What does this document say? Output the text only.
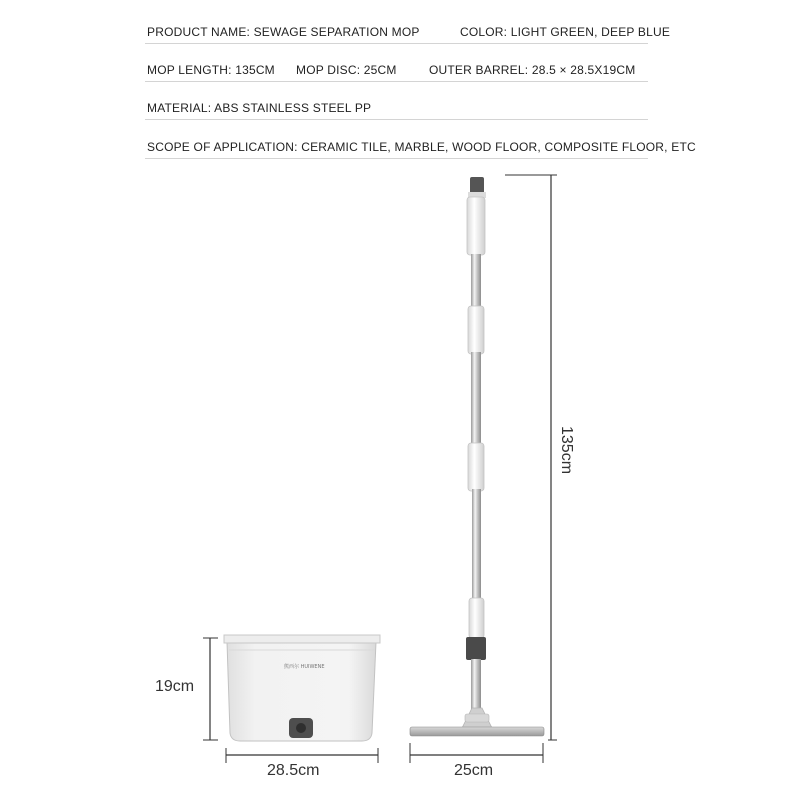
PRODUCT NAME: SEWAGE SEPARATION MOP	COLOR: LIGHT GREEN, DEEP BLUE
MOP LENGTH: 135CM MOP DISC: 25CM	OUTER BARREL: 28.5 × 28.5X19CM
MATERIAL: ABS STAINLESS STEEL PP
SCOPE OF APPLICATION: CERAMIC TILE, MARBLE, WOOD FLOOR, COMPOSITE FLOOR, ETC
熊西尔 HUIWENE
135cm
19cm
28.5cm	25cm
